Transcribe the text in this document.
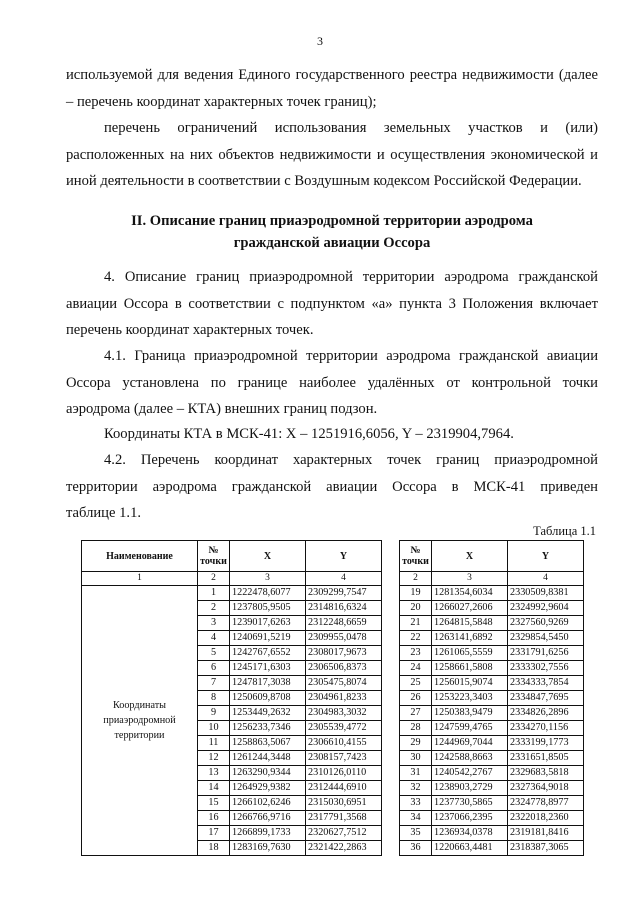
3

используемой для ведения Единого государственного реестра недвижимости (далее
– перечень координат характерных точек границ);

перечень ограничений использования земельных участков и (или)
расположенных на них объектов недвижимости и осуществления экономической и
иной деятельности в соответствии с Воздушным кодексом Российской Федерации.

II. Описание границ приаэродромной территории аэродрома
гражданской авиации Оссора

4. Описание границ приаэродромной территории аэродрома гражданской
авиации Оссора в соответствии с подпунктом «а» пункта 3 Положения включает
перечень координат характерных точек.

4.1. Граница приаэродромной территории аэродрома гражданской авиации
Оссора установлена по границе наиболее удалённых от контрольной точки
аэродрома (далее – КТА) внешних границ подзон.

Координаты КТА в МСК-41: X – 1251916,6056, Y – 2319904,7964.

4.2. Перечень координат характерных точек границ приаэродромной
территории аэродрома гражданской авиации Оссора в МСК-41 приведен
таблице 1.1.

Таблица 1.1
Наименование	№ точки	X	Y		№ точки	X	Y
1	2	3	4		2	3	4
Координаты приаэродромной территории	1	1222478,6077	2309299,7547		19	1281354,6034	2330509,8381
	2	1237805,9505	2314816,6324		20	1266027,2606	2324992,9604
	3	1239017,6263	2312248,6659		21	1264815,5848	2327560,9269
	4	1240691,5219	2309955,0478		22	1263141,6892	2329854,5450
	5	1242767,6552	2308017,9673		23	1261065,5559	2331791,6256
	6	1245171,6303	2306506,8373		24	1258661,5808	2333302,7556
	7	1247817,3038	2305475,8074		25	1256015,9074	2334333,7854
	8	1250609,8708	2304961,8233		26	1253223,3403	2334847,7695
	9	1253449,2632	2304983,3032		27	1250383,9479	2334826,2896
	10	1256233,7346	2305539,4772		28	1247599,4765	2334270,1156
	11	1258863,5067	2306610,4155		29	1244969,7044	2333199,1773
	12	1261244,3448	2308157,7423		30	1242588,8663	2331651,8505
	13	1263290,9344	2310126,0110		31	1240542,2767	2329683,5818
	14	1264929,9382	2312444,6910		32	1238903,2729	2327364,9018
	15	1266102,6246	2315030,6951		33	1237730,5865	2324778,8977
	16	1266766,9716	2317791,3568		34	1237066,2395	2322018,2360
	17	1266899,1733	2320627,7512		35	1236934,0378	2319181,8416
	18	1283169,7630	2321422,2863		36	1220663,4481	2318387,3065
